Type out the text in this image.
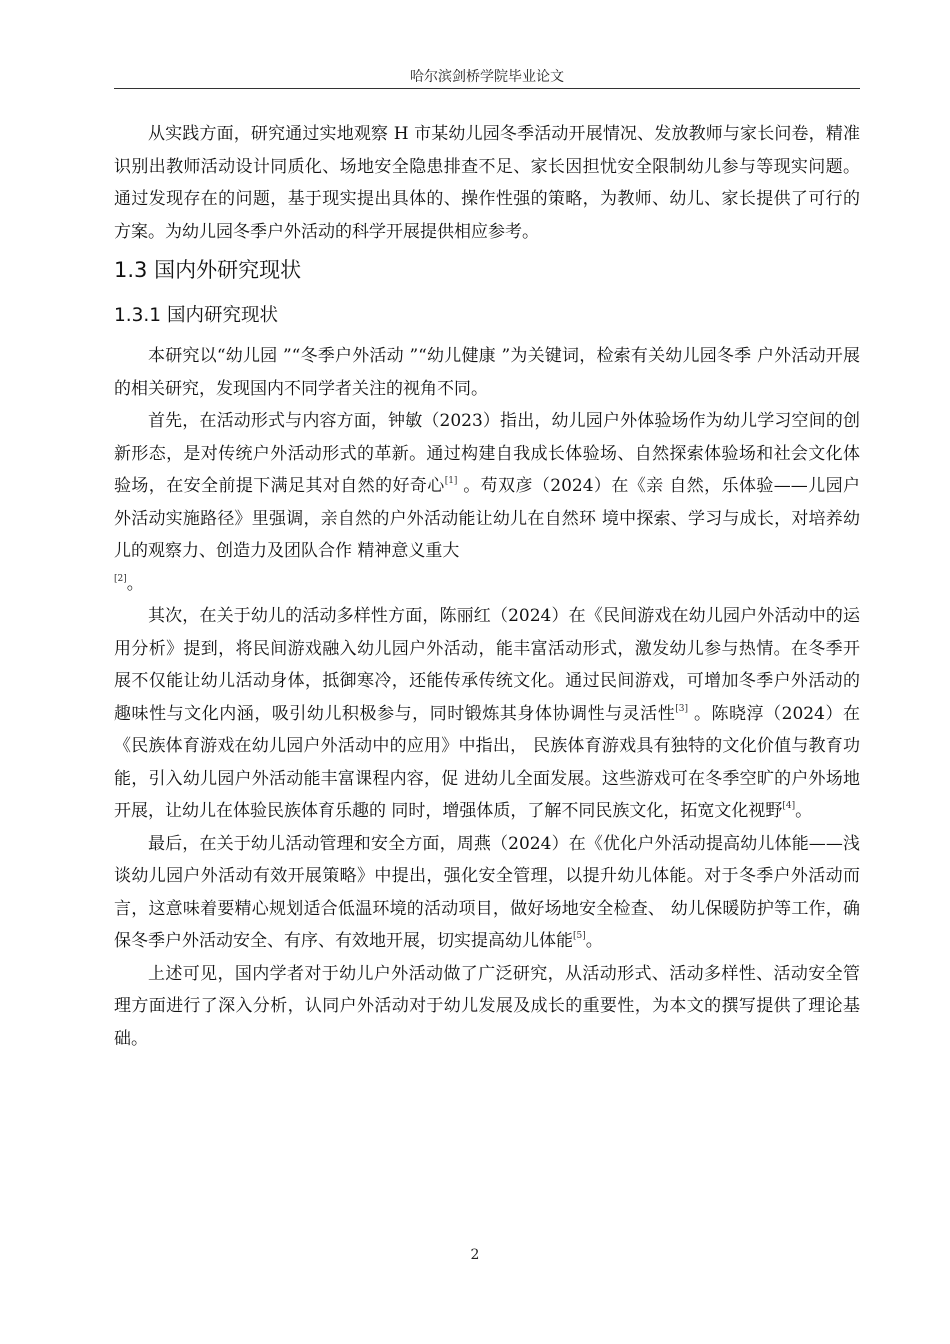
哈尔滨剑桥学院毕业论文

从实践方面，研究通过实地观察 H 市某幼儿园冬季活动开展情况、发放教师与家长问卷，精准识别出教师活动设计同质化、场地安全隐患排查不足、家长因担忧安全限制幼儿参与等现实问题。通过发现存在的问题，基于现实提出具体的、操作性强的策略，为教师、幼儿、家长提供了可行的方案。为幼儿园冬季户外活动的科学开展提供相应参考。

1.3 国内外研究现状
1.3.1 国内研究现状

本研究以“幼儿园 ”“冬季户外活动 ”“幼儿健康 ”为关键词，检索有关幼儿园冬季 户外活动开展的相关研究，发现国内不同学者关注的视角不同。

首先，在活动形式与内容方面，钟敏（2023）指出，幼儿园户外体验场作为幼儿学习空间的创新形态，是对传统户外活动形式的革新。通过构建自我成长体验场、自然探索体验场和社会文化体验场，在安全前提下满足其对自然的好奇心[1] 。苟双彦（2024）在《亲 自然，乐体验——儿园户外活动实施路径》里强调，亲自然的户外活动能让幼儿在自然环 境中探索、学习与成长，对培养幼儿的观察力、创造力及团队合作 精神意义重大
[2]。

其次，在关于幼儿的活动多样性方面，陈丽红（2024）在《民间游戏在幼儿园户外活动中的运用分析》提到，将民间游戏融入幼儿园户外活动，能丰富活动形式，激发幼儿参与热情。在冬季开展不仅能让幼儿活动身体，抵御寒冷，还能传承传统文化。通过民间游戏，可增加冬季户外活动的趣味性与文化内涵，吸引幼儿积极参与，同时锻炼其身体协调性与灵活性[3] 。陈晓淳（2024）在《民族体育游戏在幼儿园户外活动中的应用》中指出， 民族体育游戏具有独特的文化价值与教育功能，引入幼儿园户外活动能丰富课程内容，促 进幼儿全面发展。这些游戏可在冬季空旷的户外场地开展，让幼儿在体验民族体育乐趣的 同时，增强体质，了解不同民族文化，拓宽文化视野[4]。

最后，在关于幼儿活动管理和安全方面，周燕（2024）在《优化户外活动提高幼儿体能——浅谈幼儿园户外活动有效开展策略》中提出，强化安全管理，以提升幼儿体能。对于冬季户外活动而言，这意味着要精心规划适合低温环境的活动项目，做好场地安全检查、 幼儿保暖防护等工作，确保冬季户外活动安全、有序、有效地开展，切实提高幼儿体能[5]。

上述可见，国内学者对于幼儿户外活动做了广泛研究，从活动形式、活动多样性、活动安全管理方面进行了深入分析，认同户外活动对于幼儿发展及成长的重要性，为本文的撰写提供了理论基础。

2
